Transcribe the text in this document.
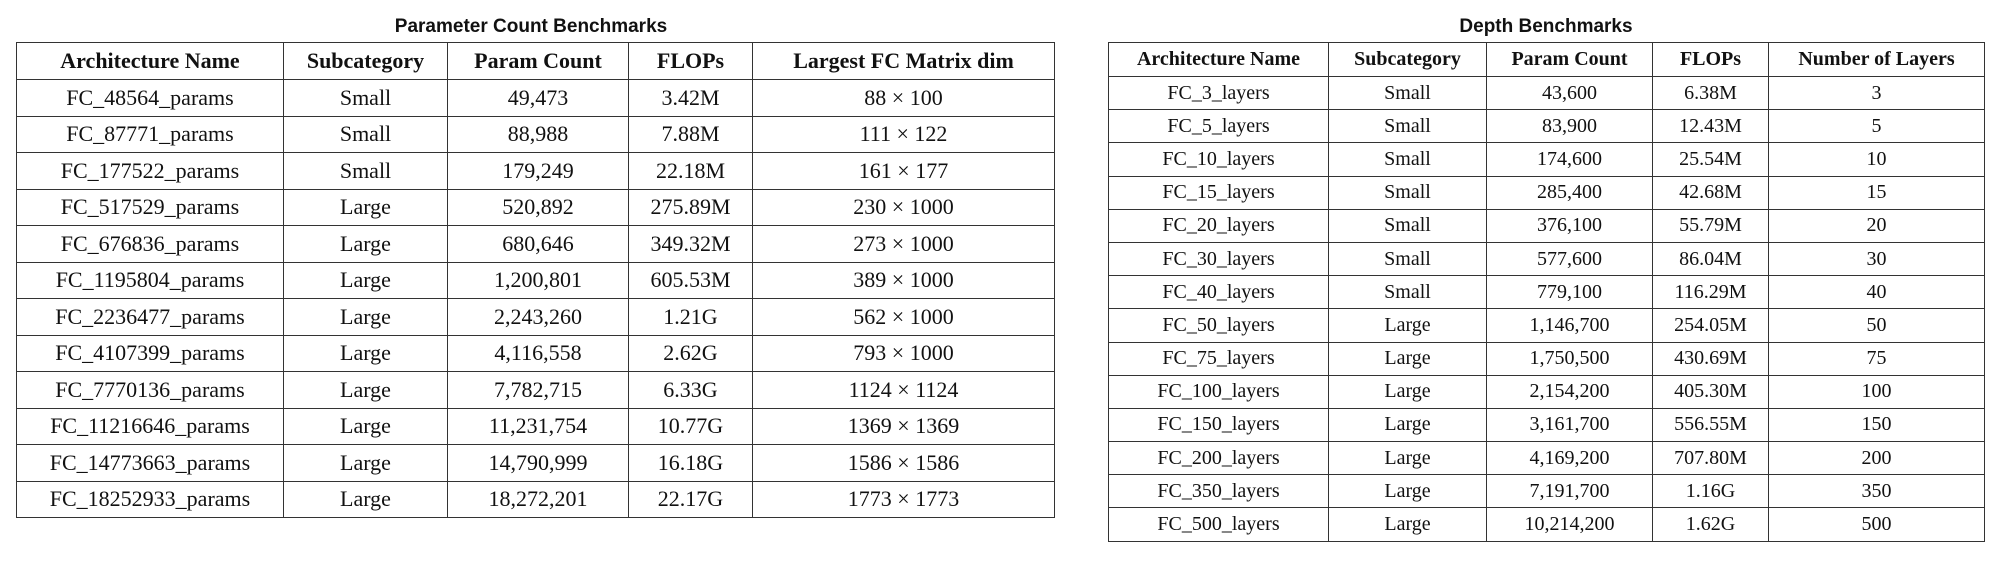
Parameter Count Benchmarks
Architecture Name	Subcategory	Param Count	FLOPs	Largest FC Matrix dim
FC_48564_params	Small	49,473	3.42M	88 × 100
FC_87771_params	Small	88,988	7.88M	111 × 122
FC_177522_params	Small	179,249	22.18M	161 × 177
FC_517529_params	Large	520,892	275.89M	230 × 1000
FC_676836_params	Large	680,646	349.32M	273 × 1000
FC_1195804_params	Large	1,200,801	605.53M	389 × 1000
FC_2236477_params	Large	2,243,260	1.21G	562 × 1000
FC_4107399_params	Large	4,116,558	2.62G	793 × 1000
FC_7770136_params	Large	7,782,715	6.33G	1124 × 1124
FC_11216646_params	Large	11,231,754	10.77G	1369 × 1369
FC_14773663_params	Large	14,790,999	16.18G	1586 × 1586
FC_18252933_params	Large	18,272,201	22.17G	1773 × 1773
Depth Benchmarks
Architecture Name	Subcategory	Param Count	FLOPs	Number of Layers
FC_3_layers	Small	43,600	6.38M	3
FC_5_layers	Small	83,900	12.43M	5
FC_10_layers	Small	174,600	25.54M	10
FC_15_layers	Small	285,400	42.68M	15
FC_20_layers	Small	376,100	55.79M	20
FC_30_layers	Small	577,600	86.04M	30
FC_40_layers	Small	779,100	116.29M	40
FC_50_layers	Large	1,146,700	254.05M	50
FC_75_layers	Large	1,750,500	430.69M	75
FC_100_layers	Large	2,154,200	405.30M	100
FC_150_layers	Large	3,161,700	556.55M	150
FC_200_layers	Large	4,169,200	707.80M	200
FC_350_layers	Large	7,191,700	1.16G	350
FC_500_layers	Large	10,214,200	1.62G	500
